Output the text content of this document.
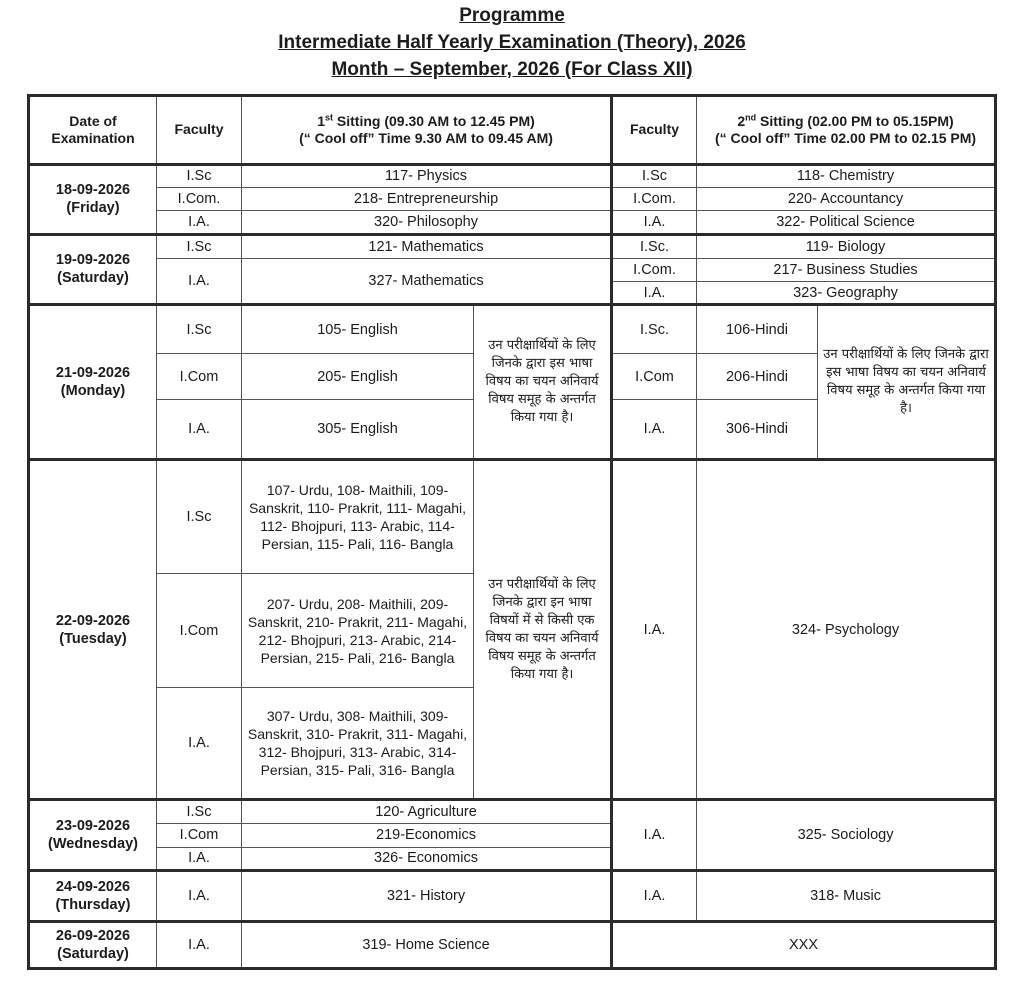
Programme
Intermediate Half Yearly Examination (Theory), 2026
Month – September, 2026 (For Class XII)
Date of Examination	Faculty	1st Sitting (09.30 AM to 12.45 PM)
(“ Cool off” Time 9.30 AM to 09.45 AM)		Faculty	2nd Sitting (02.00 PM to 05.15PM)
(“ Cool off” Time 02.00 PM to 02.15 PM)	
18-09-2026
(Friday)	I.Sc	117- Physics		I.Sc	118- Chemistry	
	I.Com.	218- Entrepreneurship		I.Com.	220- Accountancy	
	I.A.	320- Philosophy		I.A.	322- Political Science	
19-09-2026
(Saturday)	I.Sc	121- Mathematics		I.Sc.	119- Biology	
	I.A.	327- Mathematics		I.Com.	217- Business Studies	
				I.A.	323- Geography	
21-09-2026
(Monday)	I.Sc	105- English	उन परीक्षार्थियों के लिए जिनके द्वारा इस भाषा विषय का चयन अनिवार्य विषय समूह के अन्तर्गत किया गया है।	I.Sc.	106-Hindi	उन परीक्षार्थियों के लिए जिनके द्वारा इस भाषा विषय का चयन अनिवार्य विषय समूह के अन्तर्गत किया गया है।
	I.Com	205- English		I.Com	206-Hindi	
	I.A.	305- English		I.A.	306-Hindi	
22-09-2026
(Tuesday)	I.Sc	107- Urdu, 108- Maithili, 109- Sanskrit, 110- Prakrit, 111- Magahi, 112- Bhojpuri, 113- Arabic, 114- Persian, 115- Pali, 116- Bangla	उन परीक्षार्थियों के लिए जिनके द्वारा इन भाषा विषयों में से किसी एक विषय का चयन अनिवार्य विषय समूह के अन्तर्गत किया गया है।	I.A.	324- Psychology	
	I.Com	207- Urdu, 208- Maithili, 209- Sanskrit, 210- Prakrit, 211- Magahi, 212- Bhojpuri, 213- Arabic, 214- Persian, 215- Pali, 216- Bangla				
	I.A.	307- Urdu, 308- Maithili, 309- Sanskrit, 310- Prakrit, 311- Magahi, 312- Bhojpuri, 313- Arabic, 314- Persian, 315- Pali, 316- Bangla				
23-09-2026
(Wednesday)	I.Sc	120- Agriculture		I.A.	325- Sociology	
	I.Com	219-Economics				
	I.A.	326- Economics				
24-09-2026
(Thursday)	I.A.	321- History		I.A.	318- Music	
26-09-2026
(Saturday)	I.A.	319- Home Science		XXX		
